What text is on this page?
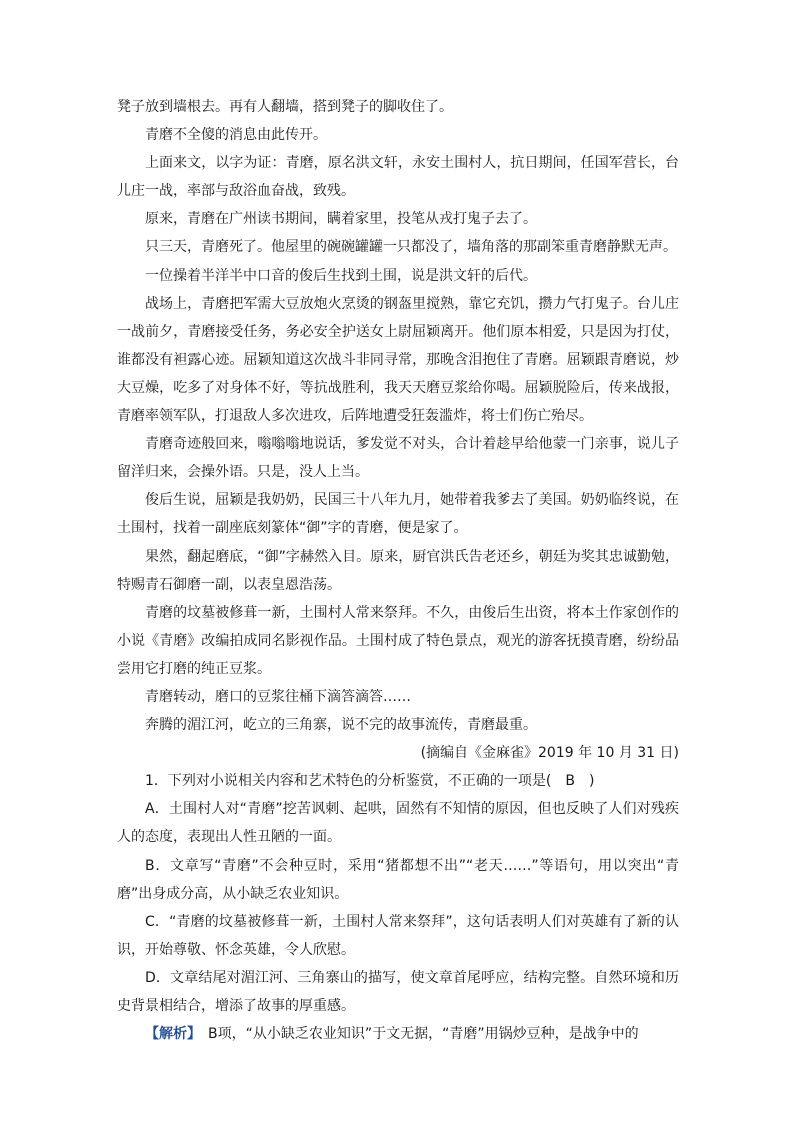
凳子放到墙根去。再有人翻墙，搭到凳子的脚收住了。

青磨不全傻的消息由此传开。

上面来文，以字为证：青磨，原名洪文轩，永安土围村人，抗日期间，任国军营长，台儿庄一战，率部与敌浴血奋战，致残。

原来，青磨在广州读书期间，瞒着家里，投笔从戎打鬼子去了。

只三天，青磨死了。他屋里的碗碗罐罐一只都没了，墙角落的那副笨重青磨静默无声。

一位操着半洋半中口音的俊后生找到土围，说是洪文轩的后代。

战场上，青磨把军需大豆放炮火烹烫的钢盔里搅熟，靠它充饥，攒力气打鬼子。台儿庄一战前夕，青磨接受任务，务必安全护送女上尉屈颖离开。他们原本相爱，只是因为打仗，谁都没有袒露心迹。屈颖知道这次战斗非同寻常，那晚含泪抱住了青磨。屈颖跟青磨说，炒大豆燥，吃多了对身体不好，等抗战胜利，我天天磨豆浆给你喝。屈颖脱险后，传来战报，青磨率领军队，打退敌人多次进攻，后阵地遭受狂轰滥炸，将士们伤亡殆尽。

青磨奇迹般回来，嗡嗡嗡地说话，爹发觉不对头，合计着趁早给他蒙一门亲事，说儿子留洋归来，会操外语。只是，没人上当。

俊后生说，屈颖是我奶奶，民国三十八年九月，她带着我爹去了美国。奶奶临终说，在土围村，找着一副座底刻篆体“御”字的青磨，便是家了。

果然，翻起磨底，“御”字赫然入目。原来，厨官洪氏告老还乡，朝廷为奖其忠诚勤勉，特赐青石御磨一副，以表皇恩浩荡。

青磨的坟墓被修葺一新，土围村人常来祭拜。不久，由俊后生出资，将本土作家创作的小说《青磨》改编拍成同名影视作品。土围村成了特色景点，观光的游客抚摸青磨，纷纷品尝用它打磨的纯正豆浆。

青磨转动，磨口的豆浆往桶下滴答滴答……

奔腾的湄江河，屹立的三角寨，说不完的故事流传，青磨最重。

(摘编自《金麻雀》2019 年 10 月 31 日)

1．下列对小说相关内容和艺术特色的分析鉴赏，不正确的一项是(　B　)

A．土围村人对“青磨”挖苦讽刺、起哄，固然有不知情的原因，但也反映了人们对残疾人的态度，表现出人性丑陋的一面。

B．文章写“青磨”不会种豆时，采用“猪都想不出”“老天……”等语句，用以突出“青磨”出身成分高，从小缺乏农业知识。

C．“青磨的坟墓被修葺一新，土围村人常来祭拜”，这句话表明人们对英雄有了新的认识，开始尊敬、怀念英雄，令人欣慰。

D．文章结尾对湄江河、三角寨山的描写，使文章首尾呼应，结构完整。自然环境和历史背景相结合，增添了故事的厚重感。

【解析】　B项，“从小缺乏农业知识”于文无据，“青磨”用锅炒豆种，是战争中的
